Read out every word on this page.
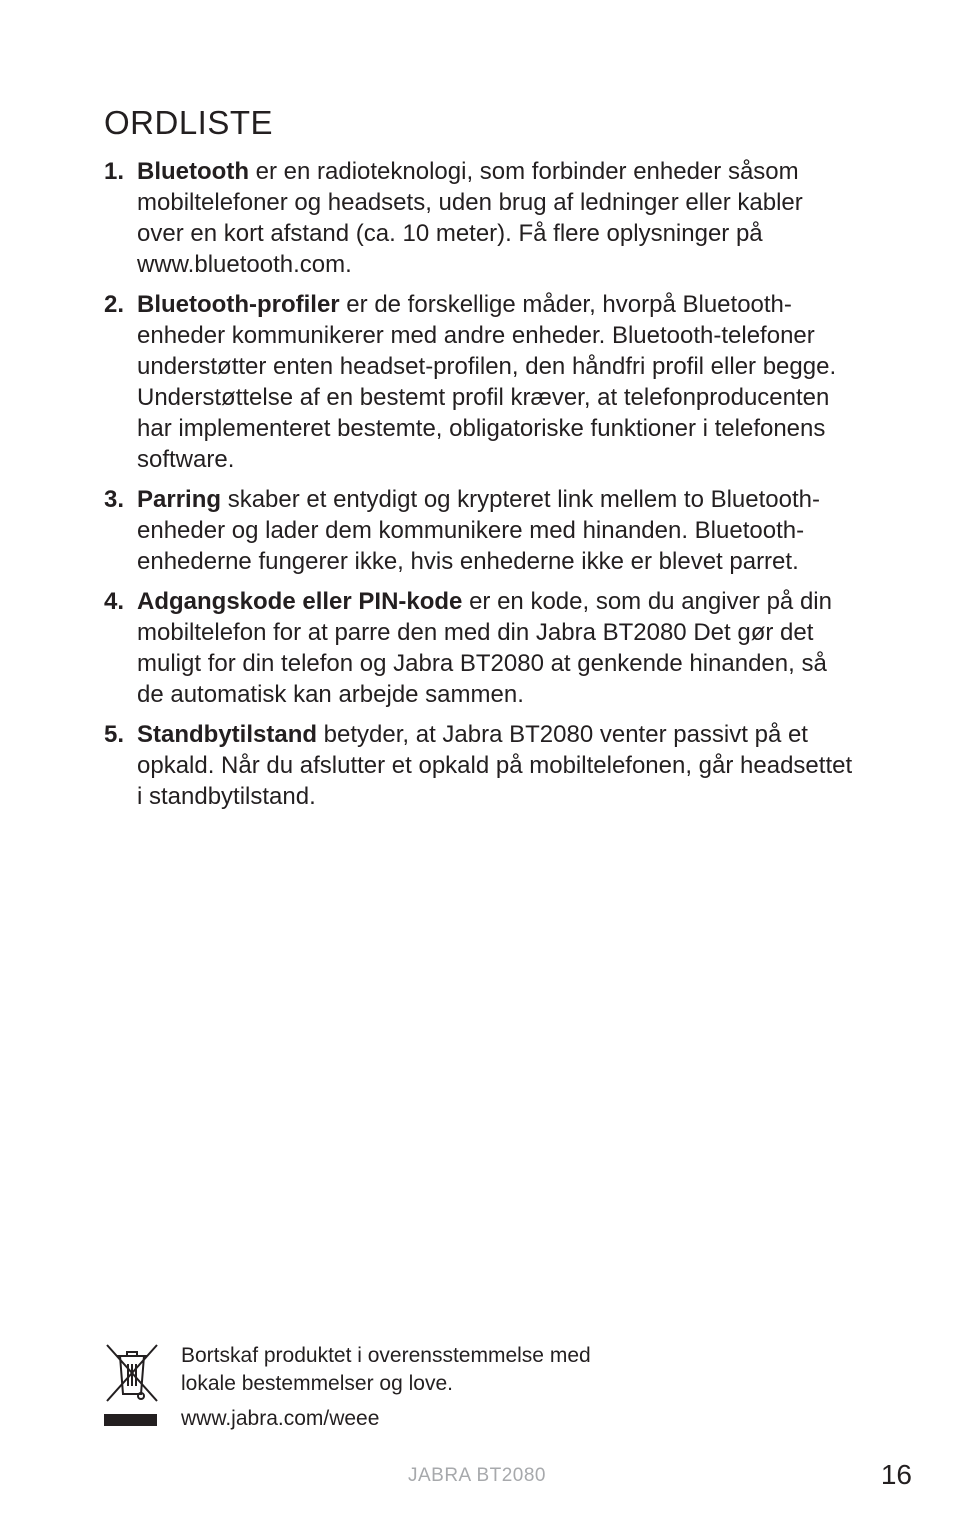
ORDLISTE
1. Bluetooth er en radioteknologi, som forbinder enheder såsom mobiltelefoner og headsets, uden brug af ledninger eller kabler over en kort afstand (ca. 10 meter). Få flere oplysninger på www.bluetooth.com.
2. Bluetooth-profiler er de forskellige måder, hvorpå Bluetooth-enheder kommunikerer med andre enheder. Bluetooth-telefoner understøtter enten headset-profilen, den håndfri profil eller begge. Understøttelse af en bestemt profil kræver, at telefonproducenten har implementeret bestemte, obligatoriske funktioner i telefonens software.
3. Parring skaber et entydigt og krypteret link mellem to Bluetooth-enheder og lader dem kommunikere med hinanden. Bluetooth-enhederne fungerer ikke, hvis enhederne ikke er blevet parret.
4. Adgangskode eller PIN-kode er en kode, som du angiver på din mobiltelefon for at parre den med din Jabra BT2080 Det gør det muligt for din telefon og Jabra BT2080 at genkende hinanden, så de automatisk kan arbejde sammen.
5. Standbytilstand betyder, at Jabra BT2080 venter passivt på et opkald. Når du afslutter et opkald på mobiltelefonen, går headsettet i standbytilstand.
Bortskaf produktet i overensstemmelse med lokale bestemmelser og love.
www.jabra.com/weee
JABRA BT2080	16
